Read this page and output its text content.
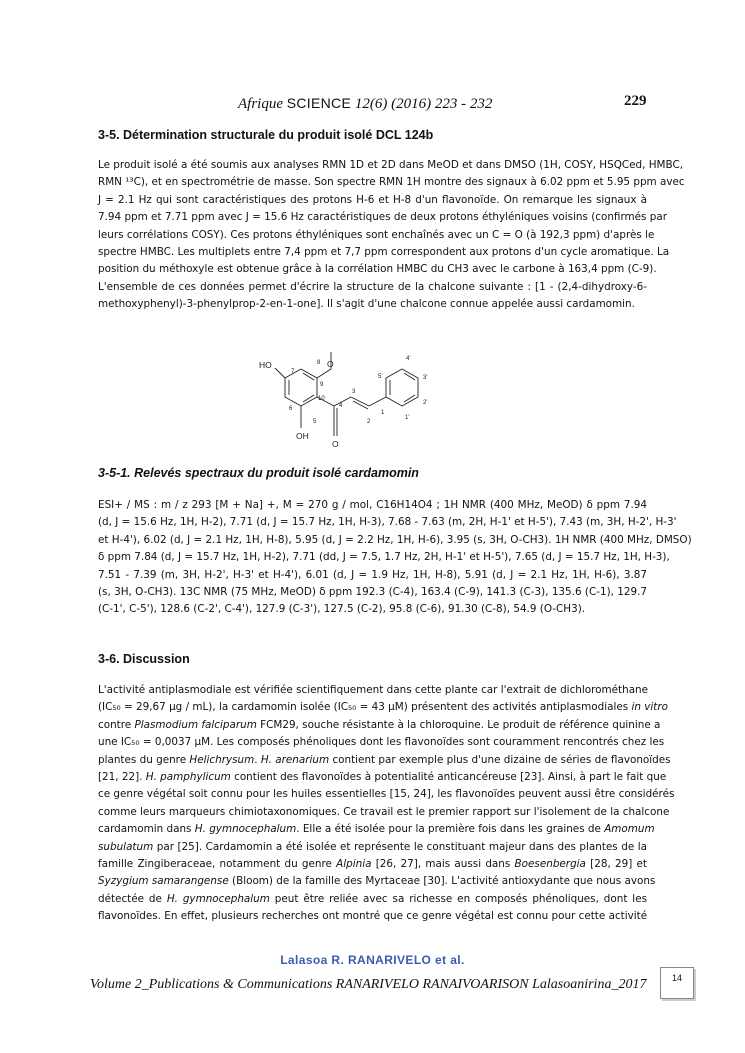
Afrique SCIENCE 12(6) (2016) 223 - 232	229
3-5. Détermination structurale du produit isolé DCL 124b
Le produit isolé a été soumis aux analyses RMN 1D et 2D dans MeOD et dans DMSO (1H, COSY, HSQCed, HMBC,
RMN ¹³C), et en spectrométrie de masse. Son spectre RMN 1H montre des signaux à 6.02 ppm et 5.95 ppm avec
J = 2.1 Hz qui sont caractéristiques des protons H-6 et H-8 d'un flavonoïde. On remarque les signaux à
7.94 ppm et 7.71 ppm avec J = 15.6 Hz caractéristiques de deux protons éthyléniques voisins (confirmés par
leurs corrélations COSY). Ces protons éthyléniques sont enchaînés avec un C = O (à 192,3 ppm) d'après le
spectre HMBC. Les multiplets entre 7,4 ppm et 7,7 ppm correspondent aux protons d'un cycle aromatique. La
position du méthoxyle est obtenue grâce à la corrélation HMBC du CH3 avec le carbone à 163,4 ppm (C-9).
L'ensemble de ces données permet d'écrire la structure de la chalcone suivante : [1 - (2,4-dihydroxy-6-
methoxyphenyl)-3-phenylprop-2-en-1-one]. Il s'agit d'une chalcone connue appelée aussi cardamomin.
HO
OH
O
O
7
8
9
10
6
5
4
3
2
1
1'
2'
3'
4'
5'
3-5-1. Relevés spectraux du produit isolé cardamomin
ESI+ / MS : m / z 293 [M + Na] +, M = 270 g / mol, C16H14O4 ; 1H NMR (400 MHz, MeOD) δ ppm 7.94
(d, J = 15.6 Hz, 1H, H-2), 7.71 (d, J = 15.7 Hz, 1H, H-3), 7.68 - 7.63 (m, 2H, H-1' et H-5'), 7.43 (m, 3H, H-2', H-3'
et H-4'), 6.02 (d, J = 2.1 Hz, 1H, H-8), 5.95 (d, J = 2.2 Hz, 1H, H-6), 3.95 (s, 3H, O-CH3). 1H NMR (400 MHz, DMSO)
δ ppm 7.84 (d, J = 15.7 Hz, 1H, H-2), 7.71 (dd, J = 7.5, 1.7 Hz, 2H, H-1' et H-5'), 7.65 (d, J = 15.7 Hz, 1H, H-3),
7.51 - 7.39 (m, 3H, H-2', H-3' et H-4'), 6.01 (d, J = 1.9 Hz, 1H, H-8), 5.91 (d, J = 2.1 Hz, 1H, H-6), 3.87
(s, 3H, O-CH3). 13C NMR (75 MHz, MeOD) δ ppm 192.3 (C-4), 163.4 (C-9), 141.3 (C-3), 135.6 (C-1), 129.7
(C-1', C-5'), 128.6 (C-2', C-4'), 127.9 (C-3'), 127.5 (C-2), 95.8 (C-6), 91.30 (C-8), 54.9 (O-CH3).
3-6. Discussion
L'activité antiplasmodiale est vérifiée scientifiquement dans cette plante car l'extrait de dichlorométhane
(IC₅₀ = 29,67 µg / mL), la cardamomin isolée (IC₅₀ = 43 µM) présentent des activités antiplasmodiales in vitro
contre Plasmodium falciparum FCM29, souche résistante à la chloroquine. Le produit de référence quinine a
une IC₅₀ = 0,0037 µM. Les composés phénoliques dont les flavonoïdes sont couramment rencontrés chez les
plantes du genre Helichrysum. H. arenarium contient par exemple plus d'une dizaine de séries de flavonoïdes
[21, 22]. H. pamphylicum contient des flavonoïdes à potentialité anticancéreuse [23]. Ainsi, à part le fait que
ce genre végétal soit connu pour les huiles essentielles [15, 24], les flavonoïdes peuvent aussi être considérés
comme leurs marqueurs chimiotaxonomiques. Ce travail est le premier rapport sur l'isolement de la chalcone
cardamomin dans H. gymnocephalum. Elle a été isolée pour la première fois dans les graines de Amomum
subulatum par [25]. Cardamomin a été isolée et représente le constituant majeur dans des plantes de la
famille Zingiberaceae, notamment du genre Alpinia [26, 27], mais aussi dans Boesenbergia [28, 29] et
Syzygium samarangense (Bloom) de la famille des Myrtaceae [30]. L'activité antioxydante que nous avons
détectée de H. gymnocephalum peut être reliée avec sa richesse en composés phénoliques, dont les
flavonoïdes. En effet, plusieurs recherches ont montré que ce genre végétal est connu pour cette activité
Lalasoa R. RANARIVELO et al.
Volume 2_Publications & Communications RANARIVELO RANAIVOARISON Lalasoanirina_2017	14
